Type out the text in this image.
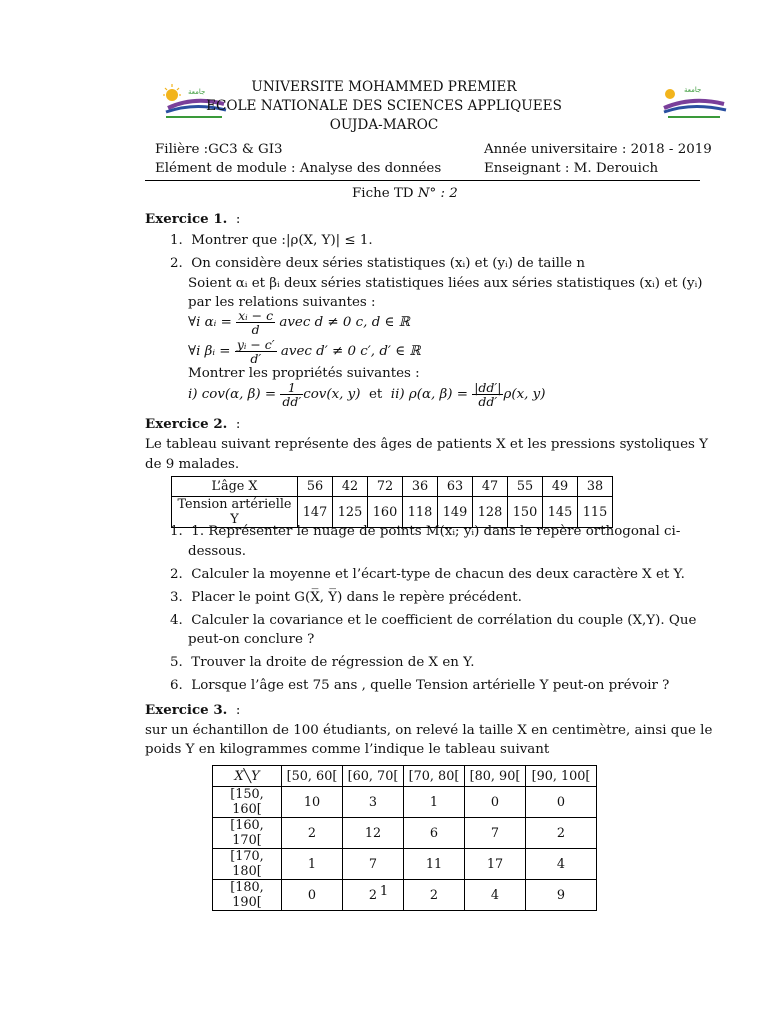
ﺟﺎﻣﻌﺔ	ﺟﺎﻣﻌﺔ
UNIVERSITE MOHAMMED PREMIER
ECOLE NATIONALE DES SCIENCES APPLIQUEES
OUJDA-MAROC
Filière :GC3 & GI3	Année universitaire : 2018 - 2019
Elément de module : Analyse des données	Enseignant : M. Derouich
Fiche TD N° : 2
Exercice 1. :
1.  Montrer que :|ρ(X, Y)| ≤ 1.
2.  On considère deux séries statistiques (xᵢ) et (yᵢ) de taille n
Soient αᵢ et βᵢ deux séries statistiques liées aux séries statistiques (xᵢ) et (yᵢ)
par les relations suivantes :
∀i αᵢ = $\frac{\text{xᵢ − c}}{d}$ avec d ≠ 0 c, d ∈ ℝ
∀i βᵢ = $\frac{\text{yᵢ − c′}}{d'}$ avec d′ ≠ 0 c′, d′ ∈ ℝ
Montrer les propriétés suivantes :
i) cov(α, $\beta) = \frac{1}{dd'} cov(x$, y) et ii) ρ(α, $\beta) = \frac{|dd'|}{dd'} \rho(x$, y)
Exercice 2. :
Le tableau suivant représente des âges de patients X et les pressions systoliques Y
de 9 malades.
L’âge X	56	42	72	36	63	47	55	49	38
Tension artérielle Y	147	125	160	118	149	128	150	145	115
1.  1. Représenter le nuage de points M(xᵢ; yᵢ) dans le repère orthogonal ci-
dessous.
2.  Calculer la moyenne et l’écart-type de chacun des deux caractère X et Y.
3.  Placer le point G(X̅, Y̅) dans le repère précédent.
4.  Calculer la covariance et le coefficient de corrélation du couple (X,Y). Que
peut-on conclure ?
5.  Trouver la droite de régression de X en Y.
6.  Lorsque l’âge est 75 ans , quelle Tension artérielle Y peut-on prévoir ?
Exercice 3. :
sur un échantillon de 100 étudiants, on relevé la taille X en centimètre, ainsi que le
poids Y en kilogrammes comme l’indique le tableau suivant
X╲Y	[50, 60[	[60, 70[	[70, 80[	[80, 90[	[90, 100[
[150, 160[	10	3	1	0	0
[160, 170[	2	12	6	7	2
[170, 180[	1	7	11	17	4
[180, 190[	0	2	2	4	9
1
